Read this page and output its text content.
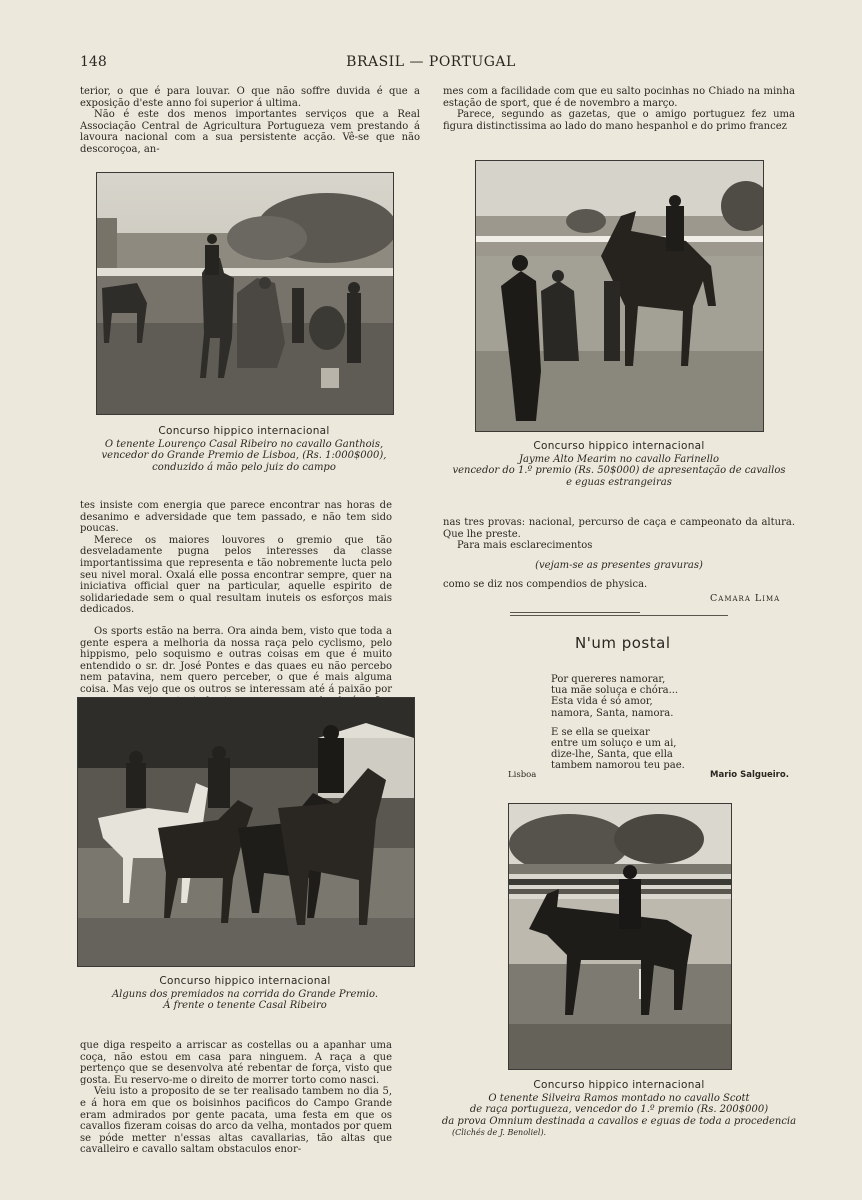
148	BRASIL — PORTUGAL

terior, o que é para louvar. O que não soffre duvida é que a exposição d'este anno foi superior á ultima.

Não é este dos menos importantes serviços que a Real Associação Central de Agricultura Portugueza vem prestando á lavoura nacional com a sua persistente acção. Vê-se que não descoroçoa, an-

Concurso hippico internacional
O tenente Lourenço Casal Ribeiro no cavallo Ganthois,
vencedor do Grande Premio de Lisboa, (Rs. 1:000$000),
conduzido á mão pelo juiz do campo

tes insiste com energia que parece encontrar nas horas de desanimo e adversidade que tem passado, e não tem sido poucas.

Merece os maiores louvores o gremio que tão desveladamente pugna pelos interesses da classe importantissima que representa e tão nobremente lucta pelo seu nivel moral. Oxalá elle possa encontrar sempre, quer na iniciativa official quer na particular, aquelle espirito de solidariedade sem o qual resultam inuteis os esforços mais dedicados.

Os sports estão na berra. Ora ainda bem, visto que toda a gente espera a melhoria da nossa raça pelo cyclismo, pelo hippismo, pelo soquismo e outras coisas em que é muito entendido o sr. dr. José Pontes e das quaes eu não percebo nem patavina, nem quero perceber, o que é mais alguma coisa. Mas vejo que os outros se interessam até á paixão por

Concurso hippico internacional
Alguns dos premiados na corrida do Grande Premio.
Á frente o tenente Casal Ribeiro

que diga respeito a arriscar as costellas ou a apanhar uma coça, não estou em casa para ninguem. A raça a que pertenço que se desenvolva até rebentar de força, visto que gosta. Eu reservo-me o direito de morrer torto como nasci.

Veiu isto a proposito de se ter realisado tambem no dia 5, e á hora em que os boisinhos pacificos do Campo Grande eram admirados por gente pacata, uma festa em que os cavallos fizeram coisas do arco da velha, montados por quem se póde metter n'essas altas cavallarias, tão altas que cavalleiro e cavallo saltam obstaculos enor-

mes com a facilidade com que eu salto pocinhas no Chiado na minha estação de sport, que é de novembro a março.

Parece, segundo as gazetas, que o amigo portuguez fez uma figura distinctissima ao lado do mano hespanhol e do primo francez

Concurso hippico internacional
Jayme Alto Mearim no cavallo Farinello
vencedor do 1.º premio (Rs. 50$000) de apresentação de cavallos
e eguas estrangeiras

nas tres provas: nacional, percurso de caça e campeonato da altura. Que lhe preste.

Para mais esclarecimentos

(vejam-se as presentes gravuras)

como se diz nos compendios de physica.

Camara Lima
N'um postal

Por quereres namorar,
tua mãe soluça e chóra...
Esta vida é só amor,
namora, Santa, namora.

E se ella se queixar
entre um soluço e um ai,
dize-lhe, Santa, que ella
tambem namorou teu pae.

Lisboa	Mario Salgueiro.
Concurso hippico internacional
O tenente Silveira Ramos montado no cavallo Scott
de raça portugueza, vencedor do 1.º premio (Rs. 200$000)
da prova Omnium destinada a cavallos e eguas de toda a procedencia
(Clichés de J. Benoliel).
